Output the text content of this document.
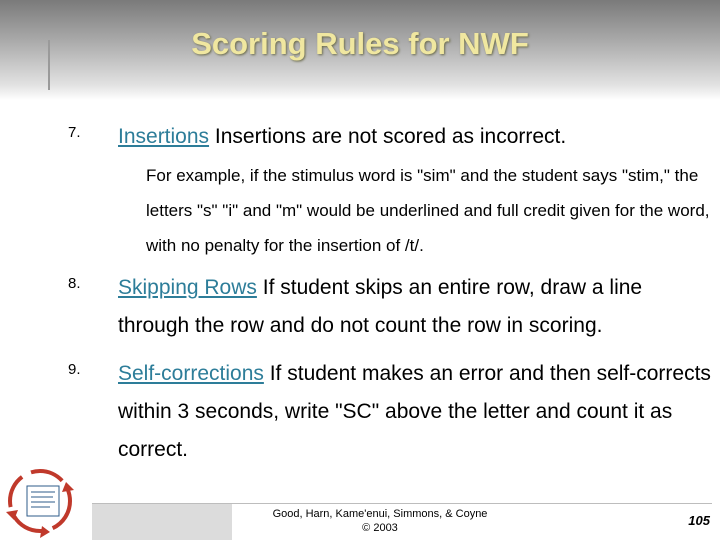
Scoring Rules for NWF
7. Insertions Insertions are not scored as incorrect.
For example, if the stimulus word is "sim" and the student says "stim," the letters "s" "i" and "m" would be underlined and full credit given for the word, with no penalty for the insertion of /t/.
8. Skipping Rows If student skips an entire row, draw a line through the row and do not count the row in scoring.
9. Self-corrections If student makes an error and then self-corrects within 3 seconds, write "SC" above the letter and count it as correct.
Good, Harn, Kame'enui, Simmons, & Coyne
© 2003	105
